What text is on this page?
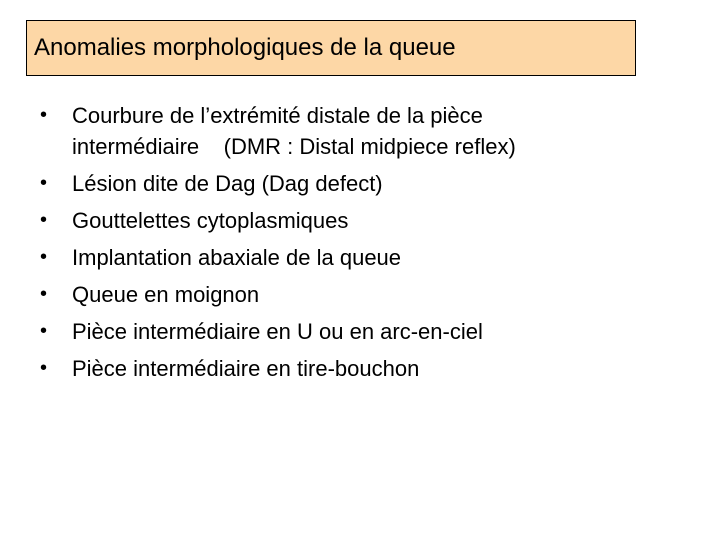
Anomalies morphologiques de la queue
•	Courbure de l’extrémité distale de la pièce
intermédiaire    (DMR : Distal midpiece reflex)
•	Lésion dite de Dag (Dag defect)
•	Gouttelettes cytoplasmiques
•	Implantation abaxiale de la queue
•	Queue en moignon
•	Pièce intermédiaire en U ou en arc-en-ciel
•	Pièce intermédiaire en tire-bouchon
